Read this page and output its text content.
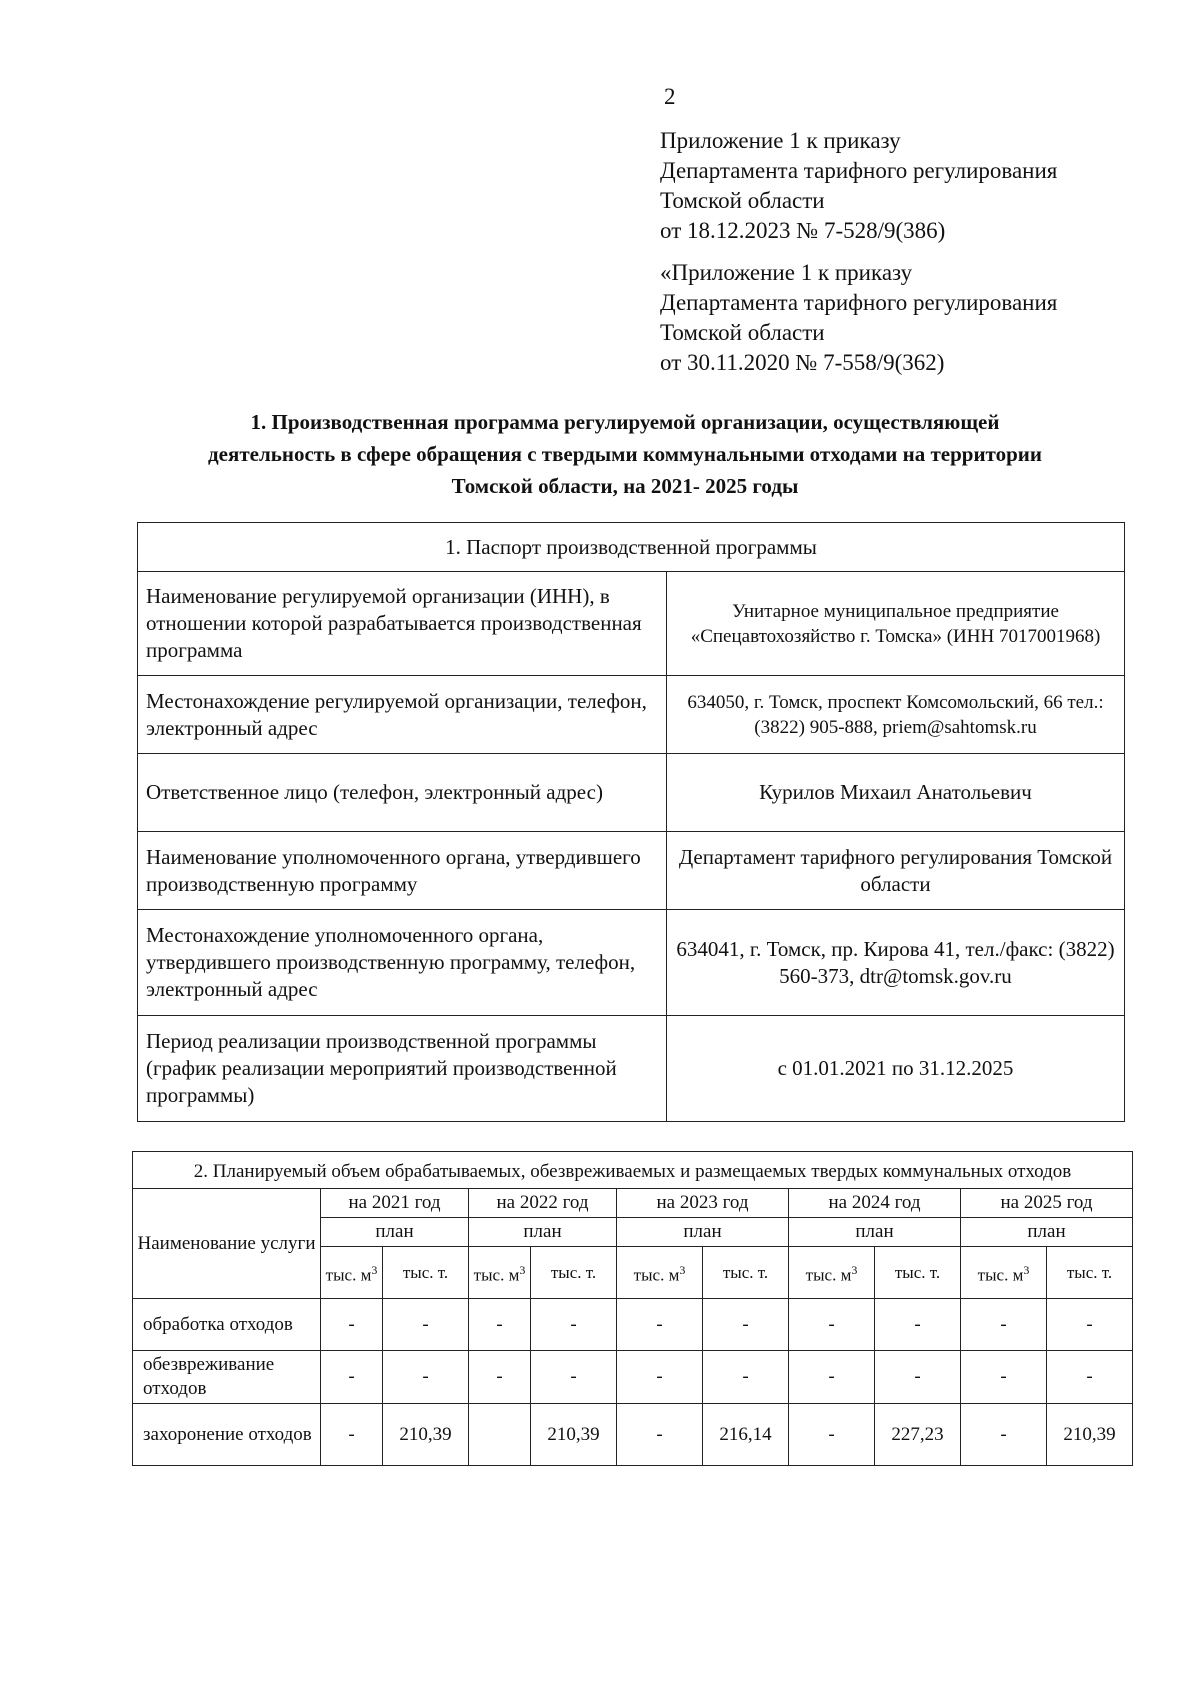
2
Приложение 1 к приказу
Департамента тарифного регулирования
Томской области
от 18.12.2023 № 7-528/9(386)
«Приложение 1 к приказу
Департамента тарифного регулирования
Томской области
от 30.11.2020 № 7-558/9(362)
1. Производственная программа регулируемой организации, осуществляющей
деятельность в сфере обращения с твердыми коммунальными отходами на территории
Томской области, на 2021- 2025 годы
1. Паспорт производственной программы	
Наименование регулируемой организации (ИНН), в отношении которой разрабатывается производственная программа	Унитарное муниципальное предприятие «Спецавтохозяйство г. Томска» (ИНН 7017001968)
Местонахождение регулируемой организации, телефон, электронный адрес	634050, г. Томск, проспект Комсомольский, 66 тел.: (3822) 905-888, priem@sahtomsk.ru
Ответственное лицо (телефон, электронный адрес)	Курилов Михаил Анатольевич
Наименование уполномоченного органа, утвердившего производственную программу	Департамент тарифного регулирования Томской области
Местонахождение уполномоченного органа, утвердившего производственную программу, телефон, электронный адрес	634041, г. Томск, пр. Кирова 41, тел./факс: (3822) 560-373, dtr@tomsk.gov.ru
Период реализации производственной программы (график реализации мероприятий производственной программы)	с 01.01.2021 по 31.12.2025
2. Планируемый объем обрабатываемых, обезвреживаемых и размещаемых твердых коммунальных отходов										
Наименование услуги	на 2021 год		на 2022 год		на 2023 год		на 2024 год		на 2025 год	
	план		план		план		план		план	
	тыс. $м^3$	тыс. т.	тыс. $м^3$	тыс. т.	тыс. $м^3$	тыс. т.	тыс. $м^3$	тыс. т.	тыс. $м^3$	тыс. т.
обработка отходов	-	-	-	-	-	-	-	-	-	-
обезвреживание отходов	-	-	-	-	-	-	-	-	-	-
захоронение отходов	-	210,39		210,39	-	216,14	-	227,23	-	210,39
